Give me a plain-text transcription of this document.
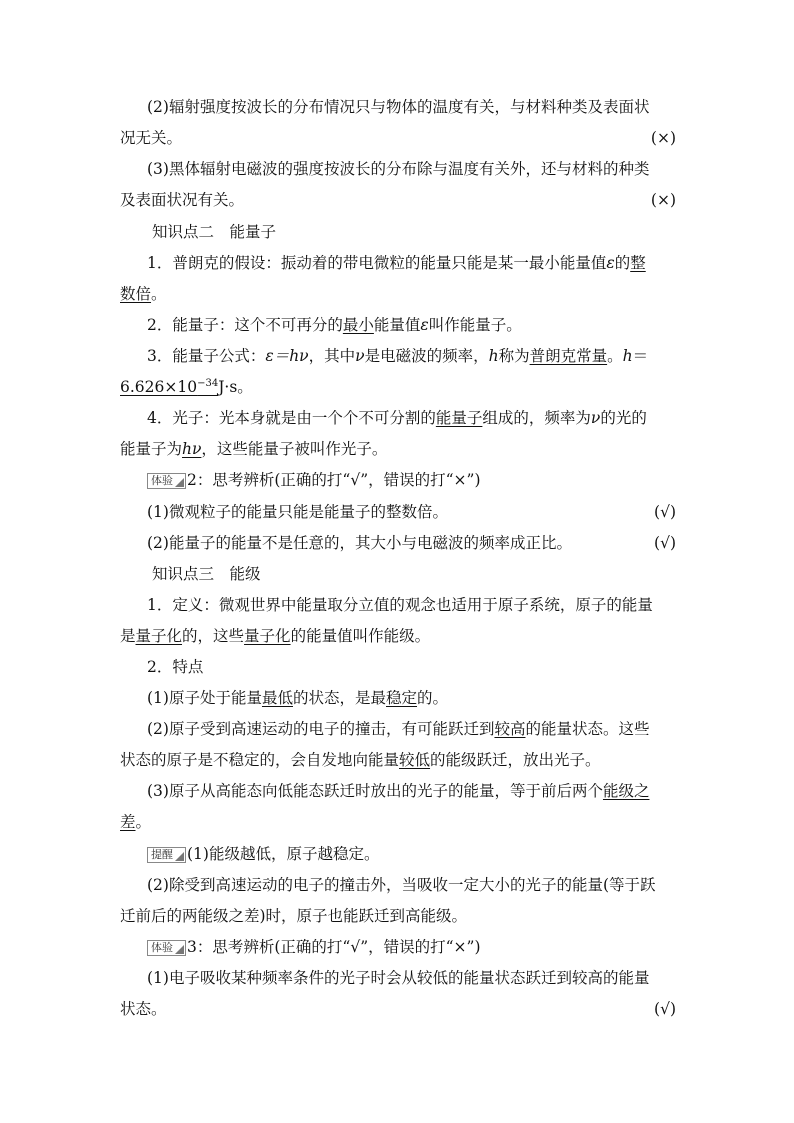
(2)辐射强度按波长的分布情况只与物体的温度有关，与材料种类及表面状
况无关。	(×)
(3)黑体辐射电磁波的强度按波长的分布除与温度有关外，还与材料的种类
及表面状况有关。	(×)
知识点二　能量子
1．普朗克的假设：振动着的带电微粒的能量只能是某一最小能量值ε的整
数倍。
2．能量子：这个不可再分的最小能量值ε叫作能量子。
3．能量子公式：ε＝hν，其中ν是电磁波的频率，h称为普朗克常量。h＝
$6.626\times 10^{-34}J\cdot s$。
4．光子：光本身就是由一个个不可分割的能量子组成的，频率为ν的光的
能量子为hν，这些能量子被叫作光子。
体验 2：思考辨析(正确的打“√”，错误的打“×”)
(1)微观粒子的能量只能是能量子的整数倍。	(√)
(2)能量子的能量不是任意的，其大小与电磁波的频率成正比。	(√)
知识点三　能级
1．定义：微观世界中能量取分立值的观念也适用于原子系统，原子的能量
是量子化的，这些量子化的能量值叫作能级。
2．特点
(1)原子处于能量最低的状态，是最稳定的。
(2)原子受到高速运动的电子的撞击，有可能跃迁到较高的能量状态。这些
状态的原子是不稳定的，会自发地向能量较低的能级跃迁，放出光子。
(3)原子从高能态向低能态跃迁时放出的光子的能量，等于前后两个能级之
差。
提醒 (1)能级越低，原子越稳定。
(2)除受到高速运动的电子的撞击外，当吸收一定大小的光子的能量(等于跃
迁前后的两能级之差)时，原子也能跃迁到高能级。
体验 3：思考辨析(正确的打“√”，错误的打“×”)
(1)电子吸收某种频率条件的光子时会从较低的能量状态跃迁到较高的能量
状态。	(√)
